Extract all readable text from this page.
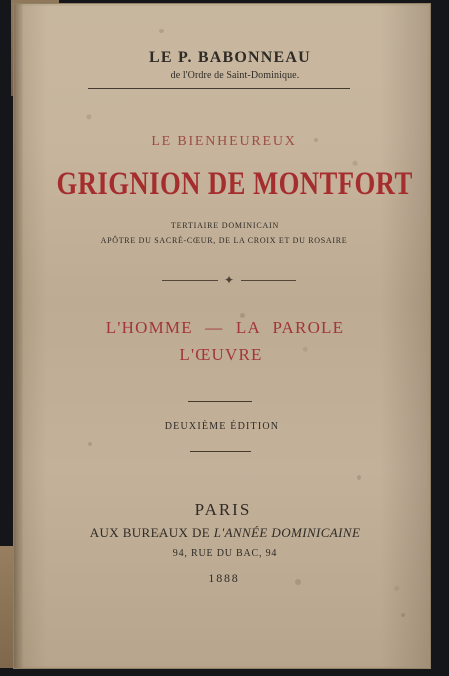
LE P. BABONNEAU
de l'Ordre de Saint-Dominique.
LE BIENHEUREUX
GRIGNION DE MONTFORT
TERTIAIRE DOMINICAIN
APÔTRE DU SACRÉ-CŒUR, DE LA CROIX ET DU ROSAIRE
✦
L'HOMME — LA PAROLE
L'ŒUVRE
DEUXIÈME ÉDITION
PARIS
AUX BUREAUX DE L'ANNÉE DOMINICAINE
94, RUE DU BAC, 94
1888
